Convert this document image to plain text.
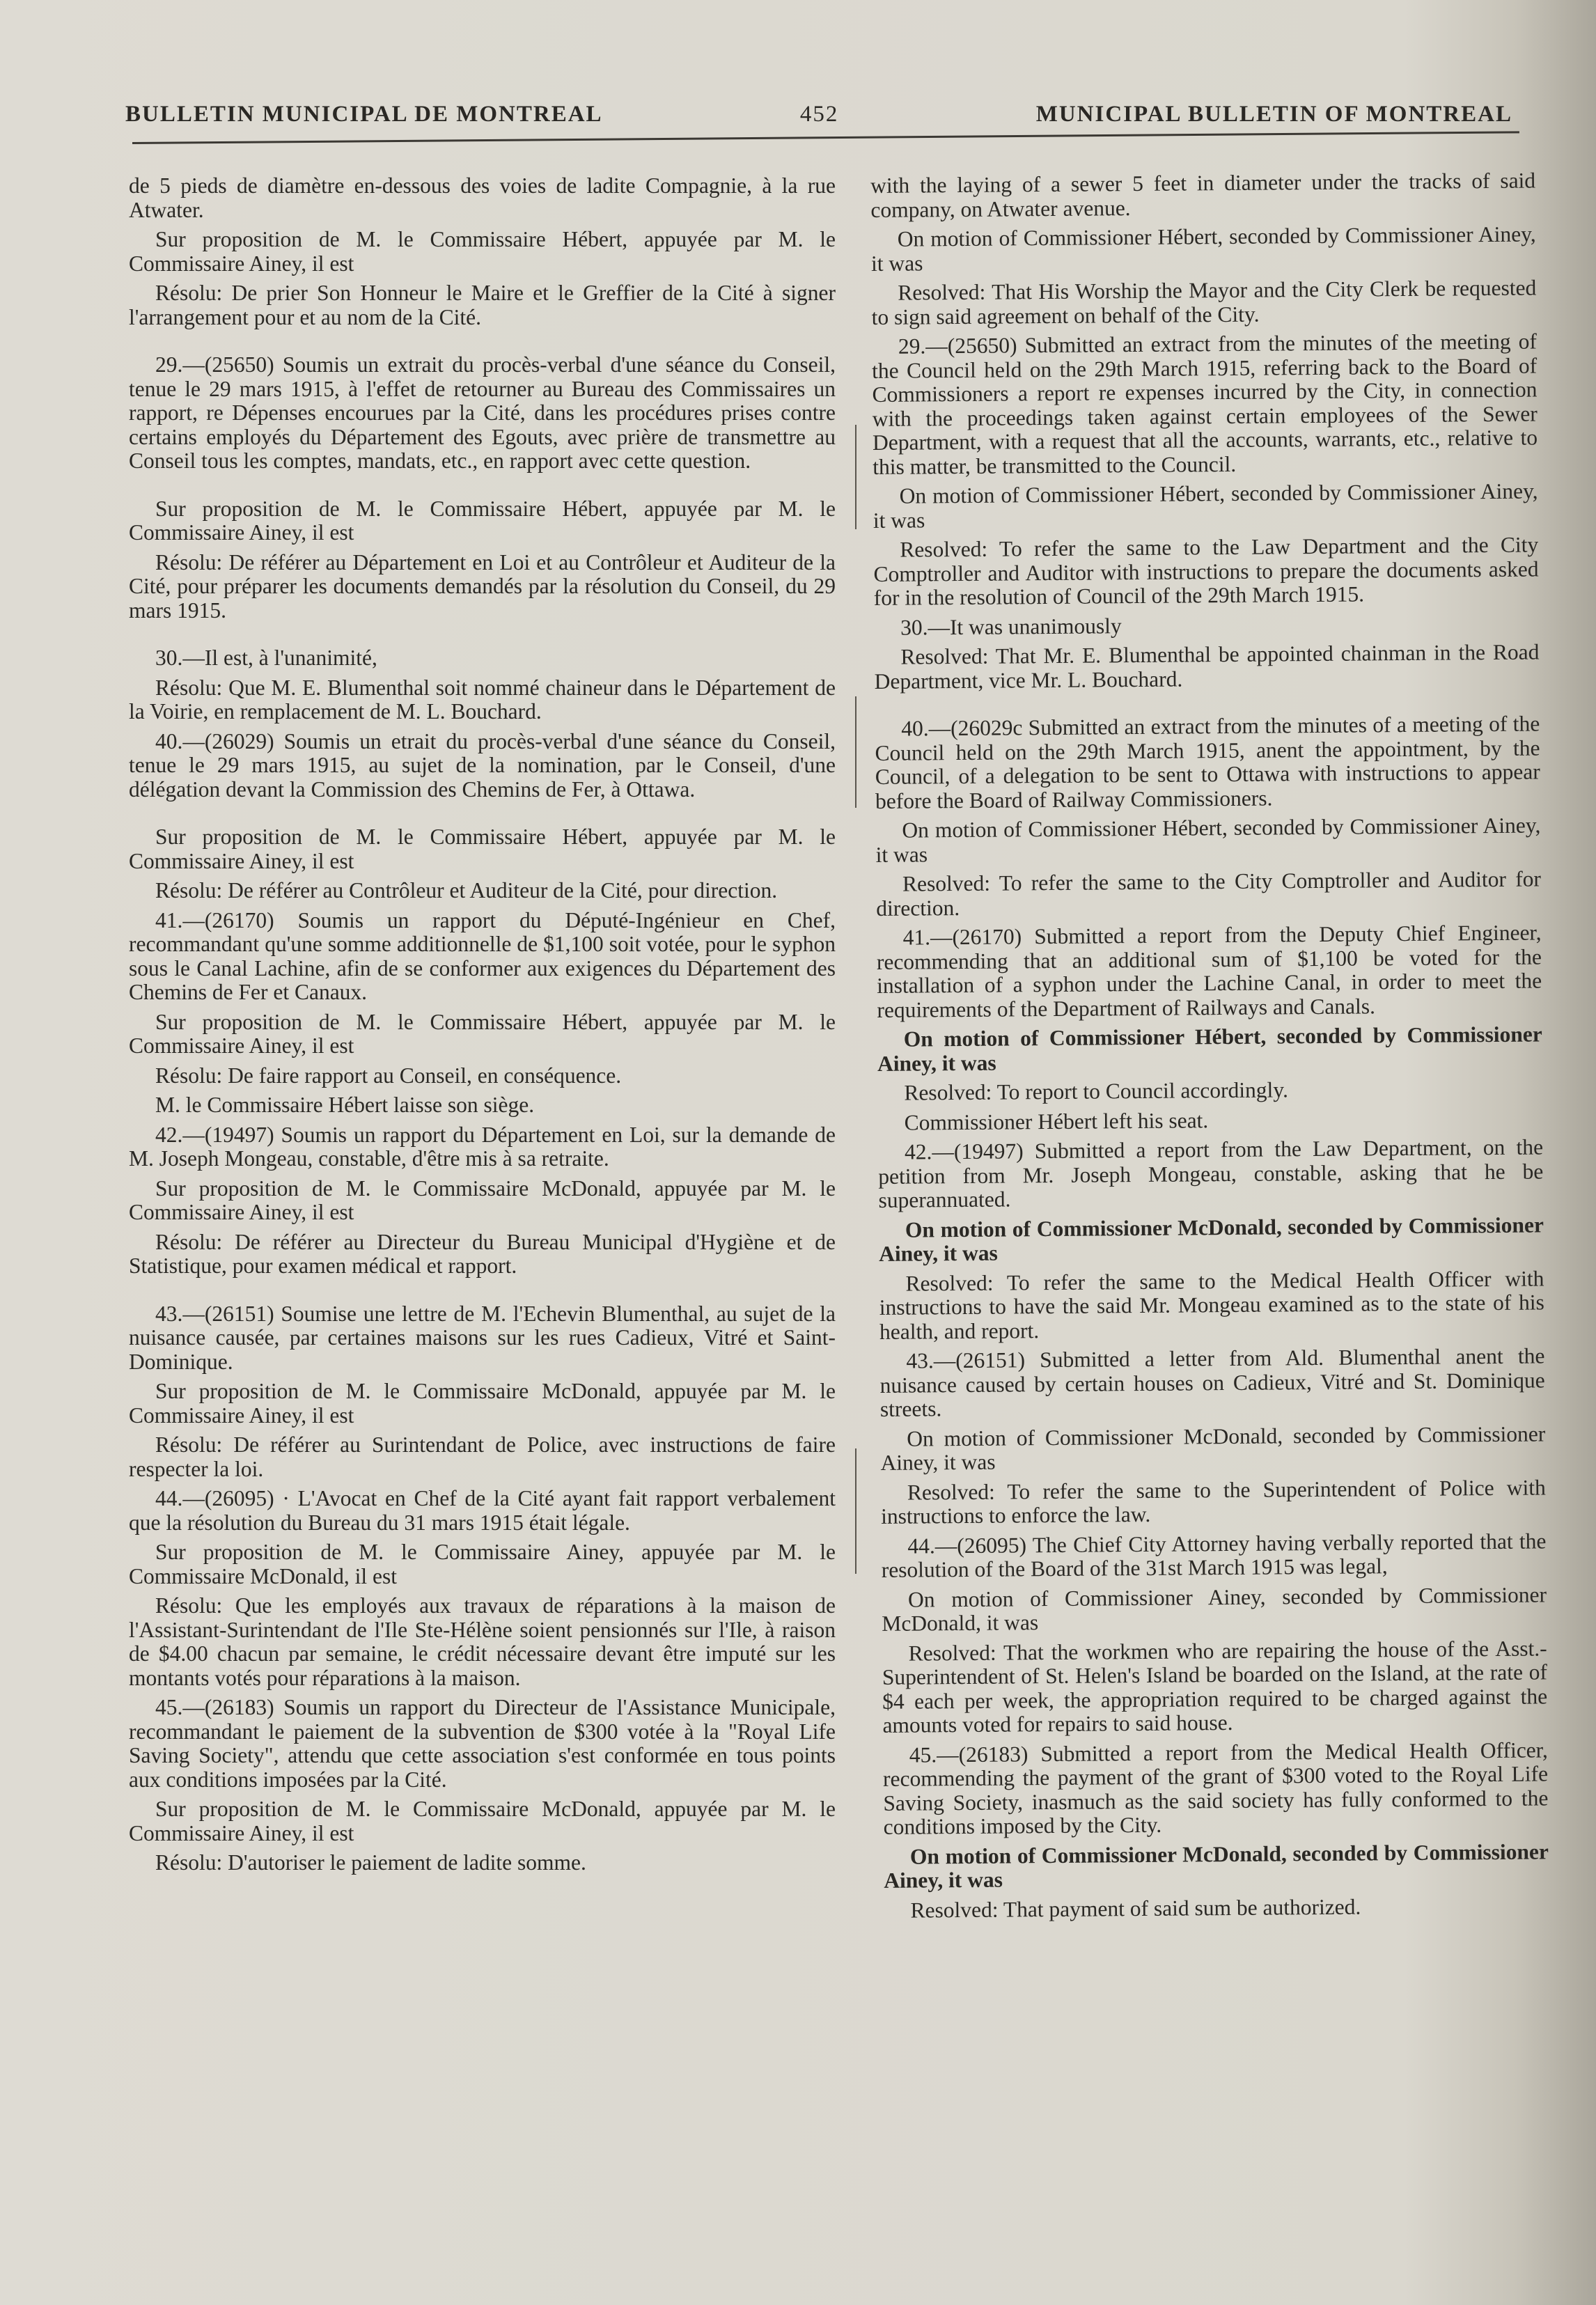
BULLETIN MUNICIPAL DE MONTREAL	452	MUNICIPAL BULLETIN OF MONTREAL

de 5 pieds de diamètre en-dessous des voies de ladite Compagnie, à la rue Atwater.

Sur proposition de M. le Commissaire Hébert, appuyée par M. le Commissaire Ainey, il est

Résolu: De prier Son Honneur le Maire et le Greffier de la Cité à signer l'arrangement pour et au nom de la Cité.

29.—(25650) Soumis un extrait du procès-verbal d'une séance du Conseil, tenue le 29 mars 1915, à l'effet de retourner au Bureau des Commissaires un rapport, re Dépenses encourues par la Cité, dans les procédures prises contre certains employés du Département des Egouts, avec prière de transmettre au Conseil tous les comptes, mandats, etc., en rapport avec cette question.

Sur proposition de M. le Commissaire Hébert, appuyée par M. le Commissaire Ainey, il est

Résolu: De référer au Département en Loi et au Contrôleur et Auditeur de la Cité, pour préparer les documents demandés par la résolution du Conseil, du 29 mars 1915.

30.—Il est, à l'unanimité,

Résolu: Que M. E. Blumenthal soit nommé chaineur dans le Département de la Voirie, en remplacement de M. L. Bouchard.

40.—(26029) Soumis un etrait du procès-verbal d'une séance du Conseil, tenue le 29 mars 1915, au sujet de la nomination, par le Conseil, d'une délégation devant la Commission des Chemins de Fer, à Ottawa.

Sur proposition de M. le Commissaire Hébert, appuyée par M. le Commissaire Ainey, il est

Résolu: De référer au Contrôleur et Auditeur de la Cité, pour direction.

41.—(26170) Soumis un rapport du Député-Ingénieur en Chef, recommandant qu'une somme additionnelle de $1,100 soit votée, pour le syphon sous le Canal Lachine, afin de se conformer aux exigences du Département des Chemins de Fer et Canaux.

Sur proposition de M. le Commissaire Hébert, appuyée par M. le Commissaire Ainey, il est

Résolu: De faire rapport au Conseil, en conséquence.

M. le Commissaire Hébert laisse son siège.

42.—(19497) Soumis un rapport du Département en Loi, sur la demande de M. Joseph Mongeau, constable, d'être mis à sa retraite.

Sur proposition de M. le Commissaire McDonald, appuyée par M. le Commissaire Ainey, il est

Résolu: De référer au Directeur du Bureau Municipal d'Hygiène et de Statistique, pour examen médical et rapport.

43.—(26151) Soumise une lettre de M. l'Echevin Blumenthal, au sujet de la nuisance causée, par certaines maisons sur les rues Cadieux, Vitré et Saint-Dominique.

Sur proposition de M. le Commissaire McDonald, appuyée par M. le Commissaire Ainey, il est

Résolu: De référer au Surintendant de Police, avec instructions de faire respecter la loi.

44.—(26095) · L'Avocat en Chef de la Cité ayant fait rapport verbalement que la résolution du Bureau du 31 mars 1915 était légale.

Sur proposition de M. le Commissaire Ainey, appuyée par M. le Commissaire McDonald, il est

Résolu: Que les employés aux travaux de réparations à la maison de l'Assistant-Surintendant de l'Ile Ste-Hélène soient pensionnés sur l'Ile, à raison de $4.00 chacun par semaine, le crédit nécessaire devant être imputé sur les montants votés pour réparations à la maison.

45.—(26183) Soumis un rapport du Directeur de l'Assistance Municipale, recommandant le paiement de la subvention de $300 votée à la "Royal Life Saving Society", attendu que cette association s'est conformée en tous points aux conditions imposées par la Cité.

Sur proposition de M. le Commissaire McDonald, appuyée par M. le Commissaire Ainey, il est

Résolu: D'autoriser le paiement de ladite somme.

with the laying of a sewer 5 feet in diameter under the tracks of said company, on Atwater avenue.

On motion of Commissioner Hébert, seconded by Commissioner Ainey, it was

Resolved: That His Worship the Mayor and the City Clerk be requested to sign said agreement on behalf of the City.

29.—(25650) Submitted an extract from the minutes of the meeting of the Council held on the 29th March 1915, referring back to the Board of Commissioners a report re expenses incurred by the City, in connection with the proceedings taken against certain employees of the Sewer Department, with a request that all the accounts, warrants, etc., relative to this matter, be transmitted to the Council.

On motion of Commissioner Hébert, seconded by Commissioner Ainey, it was

Resolved: To refer the same to the Law Department and the City Comptroller and Auditor with instructions to prepare the documents asked for in the resolution of Council of the 29th March 1915.

30.—It was unanimously

Resolved: That Mr. E. Blumenthal be appointed chainman in the Road Department, vice Mr. L. Bouchard.

40.—(26029c Submitted an extract from the minutes of a meeting of the Council held on the 29th March 1915, anent the appointment, by the Council, of a delegation to be sent to Ottawa with instructions to appear before the Board of Railway Commissioners.

On motion of Commissioner Hébert, seconded by Commissioner Ainey, it was

Resolved: To refer the same to the City Comptroller and Auditor for direction.

41.—(26170) Submitted a report from the Deputy Chief Engineer, recommending that an additional sum of $1,100 be voted for the installation of a syphon under the Lachine Canal, in order to meet the requirements of the Department of Railways and Canals.

On motion of Commissioner Hébert, seconded by Commissioner Ainey, it was

Resolved: To report to Council accordingly.

Commissioner Hébert left his seat.

42.—(19497) Submitted a report from the Law Department, on the petition from Mr. Joseph Mongeau, constable, asking that he be superannuated.

On motion of Commissioner McDonald, seconded by Commissioner Ainey, it was

Resolved: To refer the same to the Medical Health Officer with instructions to have the said Mr. Mongeau examined as to the state of his health, and report.

43.—(26151) Submitted a letter from Ald. Blumenthal anent the nuisance caused by certain houses on Cadieux, Vitré and St. Dominique streets.

On motion of Commissioner McDonald, seconded by Commissioner Ainey, it was

Resolved: To refer the same to the Superintendent of Police with instructions to enforce the law.

44.—(26095) The Chief City Attorney having verbally reported that the resolution of the Board of the 31st March 1915 was legal,

On motion of Commissioner Ainey, seconded by Commissioner McDonald, it was

Resolved: That the workmen who are repairing the house of the Asst.-Superintendent of St. Helen's Island be boarded on the Island, at the rate of $4 each per week, the appropriation required to be charged against the amounts voted for repairs to said house.

45.—(26183) Submitted a report from the Medical Health Officer, recommending the payment of the grant of $300 voted to the Royal Life Saving Society, inasmuch as the said society has fully conformed to the conditions imposed by the City.

On motion of Commissioner McDonald, seconded by Commissioner Ainey, it was

Resolved: That payment of said sum be authorized.
